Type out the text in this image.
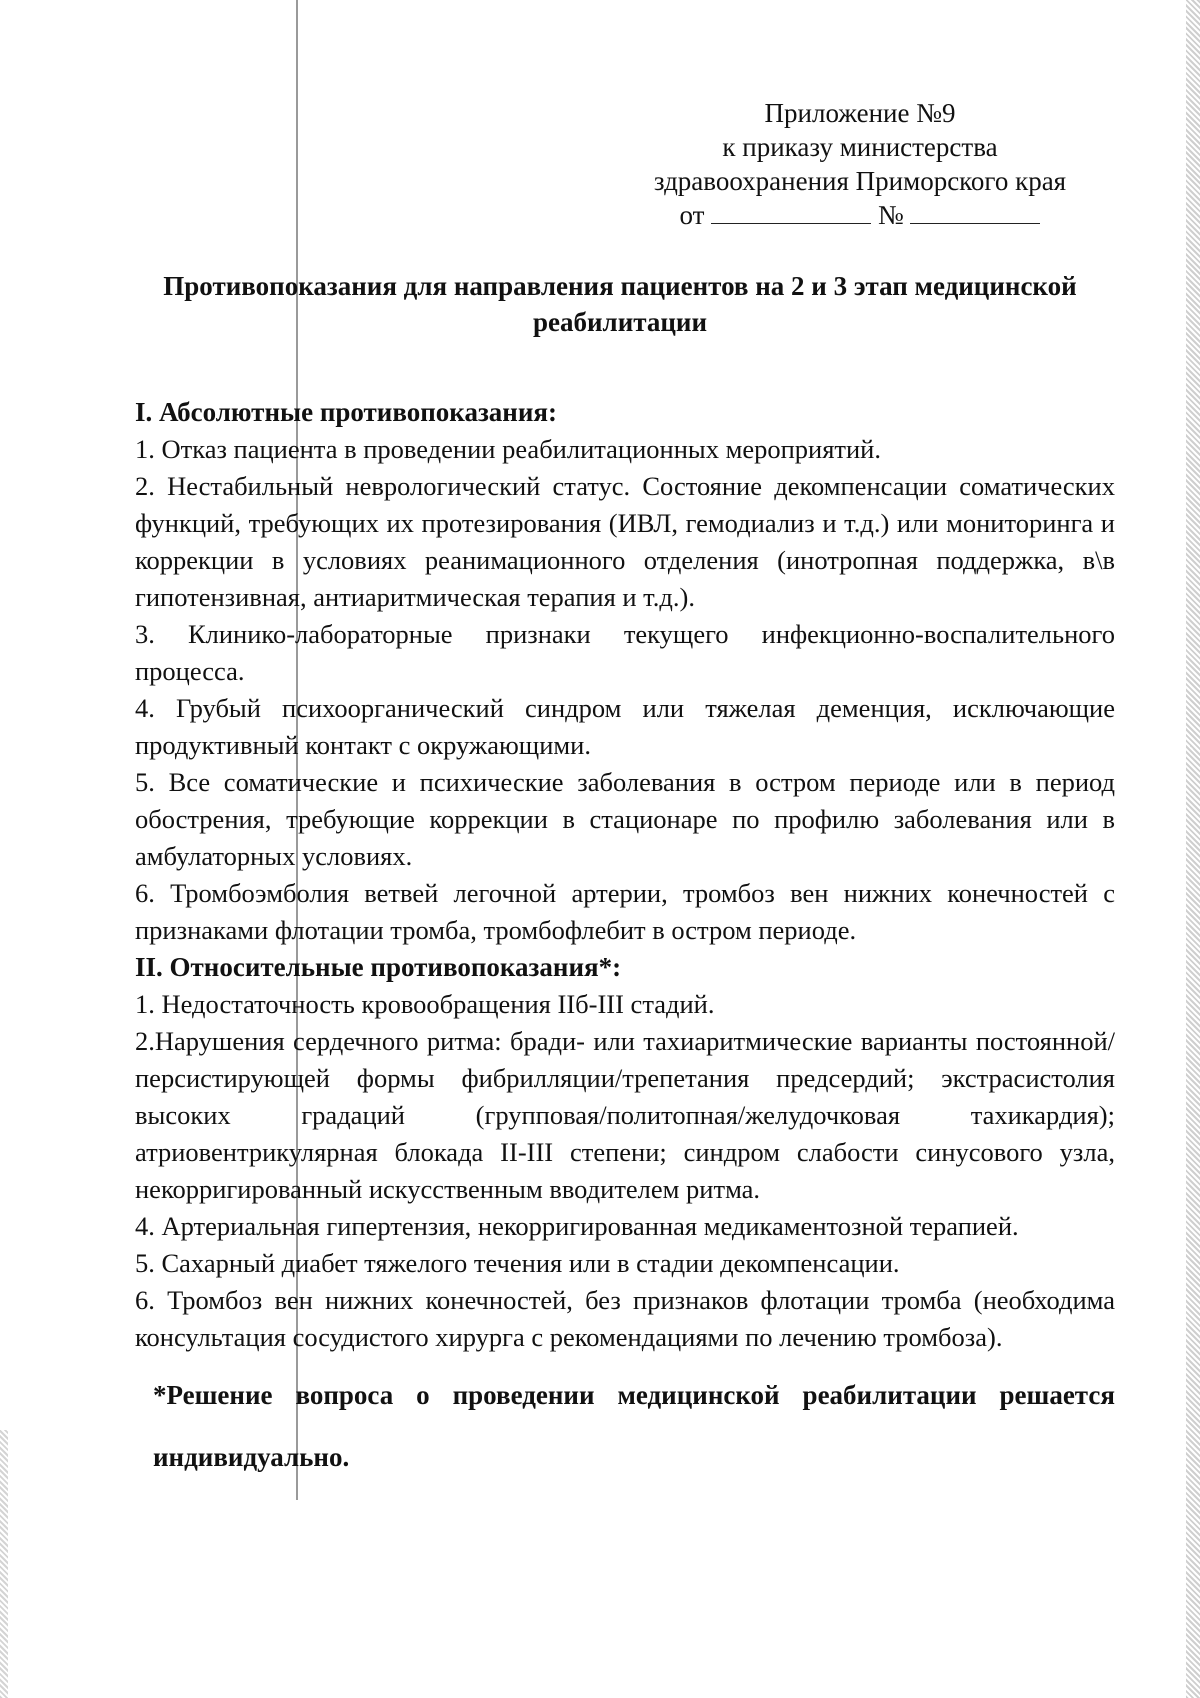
Приложение №9
к приказу министерства
здравоохранения Приморского края
от	№
Противопоказания для направления пациентов на 2 и 3 этап медицинской
реабилитации

I. Абсолютные противопоказания:

1. Отказ пациента в проведении реабилитационных мероприятий.

2. Нестабильный неврологический статус. Состояние декомпенсации соматических функций, требующих их протезирования (ИВЛ, гемодиализ и т.д.) или мониторинга и коррекции в условиях реанимационного отделения (инотропная поддержка, в\в гипотензивная, антиаритмическая терапия и т.д.).

3. Клинико-лабораторные признаки текущего инфекционно-воспалительного процесса.

4. Грубый психоорганический синдром или тяжелая деменция, исключающие продуктивный контакт с окружающими.

5. Все соматические и психические заболевания в остром периоде или в период обострения, требующие коррекции в стационаре по профилю заболевания или в амбулаторных условиях.

6. Тромбоэмболия ветвей легочной артерии, тромбоз вен нижних конечностей с признаками флотации тромба, тромбофлебит в остром периоде.

II. Относительные противопоказания*:

1. Недостаточность кровообращения IIб-III стадий.

2.Нарушения сердечного ритма: бради- или тахиаритмические варианты постоянной/персистирующей формы фибрилляции/трепетания предсердий; экстрасистолия высоких градаций (групповая/политопная/желудочковая тахикардия); атриовентрикулярная блокада II-III степени; синдром слабости синусового узла, некорригированный искусственным вводителем ритма.

4. Артериальная гипертензия, некорригированная медикаментозной терапией.

5. Сахарный диабет тяжелого течения или в стадии декомпенсации.

6. Тромбоз вен нижних конечностей, без признаков флотации тромба (необходима консультация сосудистого хирурга с рекомендациями по лечению тромбоза).

*Решение вопроса о проведении медицинской реабилитации решается индивидуально.
